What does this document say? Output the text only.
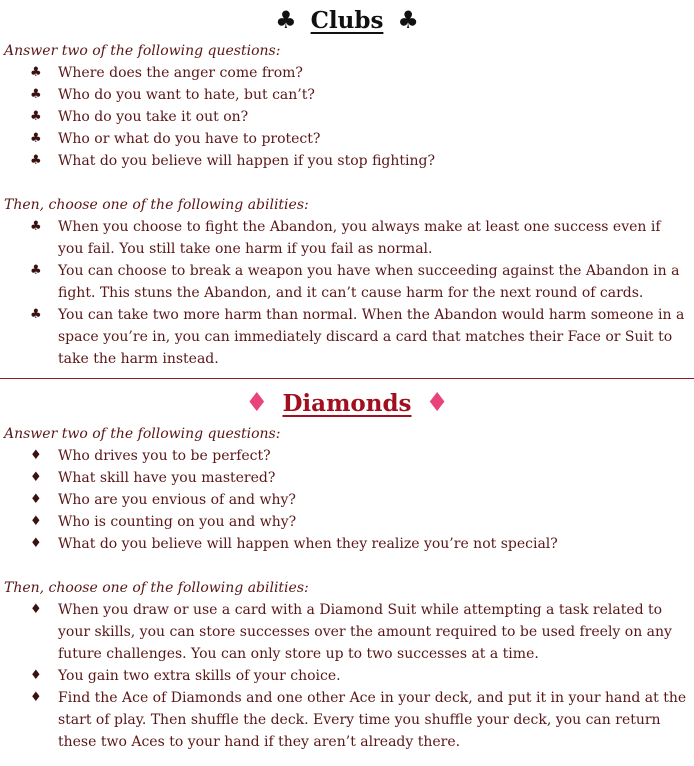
♣ Clubs ♣

Answer two of the following questions:

♣ Where does the anger come from?
♣ Who do you want to hate, but can’t?
♣ Who do you take it out on?
♣ Who or what do you have to protect?
♣ What do you believe will happen if you stop fighting?

Then, choose one of the following abilities:

♣ When you choose to fight the Abandon, you always make at least one success even if you fail. You still take one harm if you fail as normal.
♣ You can choose to break a weapon you have when succeeding against the Abandon in a fight. This stuns the Abandon, and it can’t cause harm for the next round of cards.
♣ You can take two more harm than normal. When the Abandon would harm someone in a space you’re in, you can immediately discard a card that matches their Face or Suit to take the harm instead.
♦ Diamonds ♦

Answer two of the following questions:

♦ Who drives you to be perfect?
♦ What skill have you mastered?
♦ Who are you envious of and why?
♦ Who is counting on you and why?
♦ What do you believe will happen when they realize you’re not special?

Then, choose one of the following abilities:

♦ When you draw or use a card with a Diamond Suit while attempting a task related to your skills, you can store successes over the amount required to be used freely on any future challenges. You can only store up to two successes at a time.
♦ You gain two extra skills of your choice.
♦ Find the Ace of Diamonds and one other Ace in your deck, and put it in your hand at the start of play. Then shuffle the deck. Every time you shuffle your deck, you can return these two Aces to your hand if they aren’t already there.
